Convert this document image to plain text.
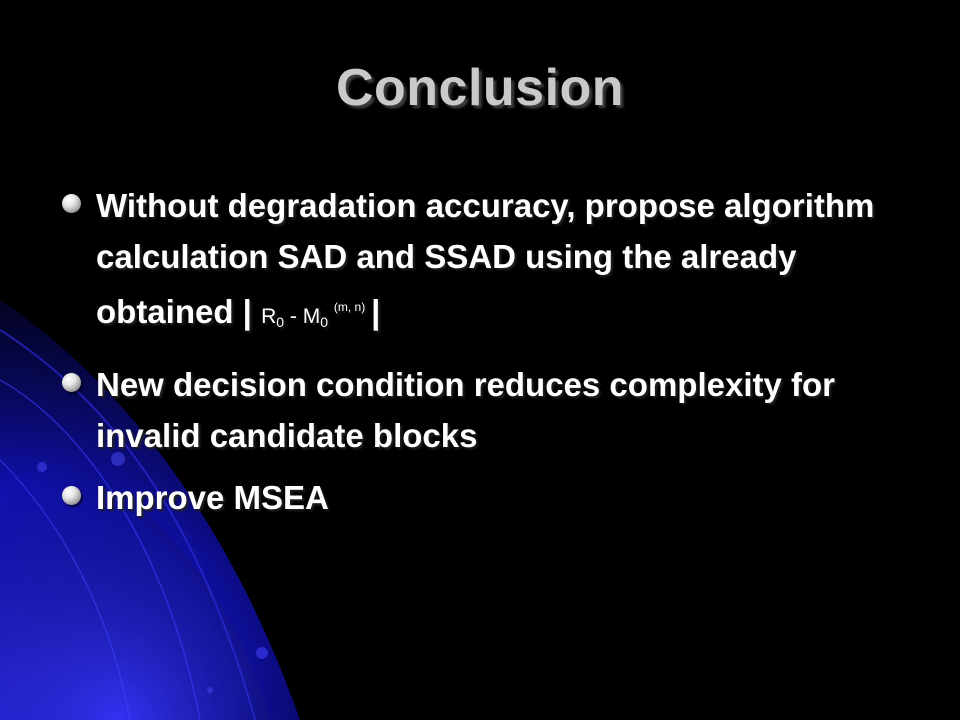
Conclusion
Without degradation accuracy, propose algorithm calculation SAD and SSAD using the already obtained | $R_0 - M_0$ $^{(m, n)}$ |
New decision condition reduces complexity for invalid candidate blocks
Improve MSEA
